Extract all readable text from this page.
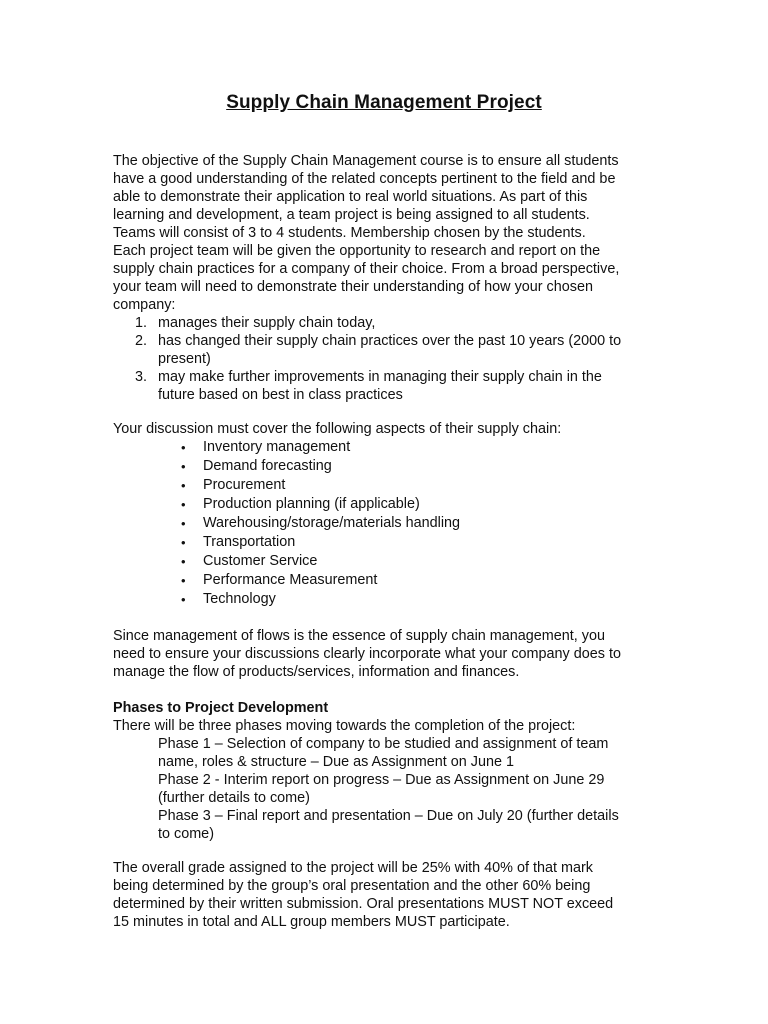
Supply Chain Management Project
The objective of the Supply Chain Management course is to ensure all students
have a good understanding of the related concepts pertinent to the field and be
able to demonstrate their application to real world situations. As part of this
learning and development, a team project is being assigned to all students.
Teams will consist of 3 to 4 students. Membership chosen by the students.
Each project team will be given the opportunity to research and report on the
supply chain practices for a company of their choice. From a broad perspective,
your team will need to demonstrate their understanding of how your chosen
company:
1. manages their supply chain today,
2. has changed their supply chain practices over the past 10 years (2000 to
present)
3. may make further improvements in managing their supply chain in the
future based on best in class practices
Your discussion must cover the following aspects of their supply chain:
• Inventory management
• Demand forecasting
• Procurement
• Production planning (if applicable)
• Warehousing/storage/materials handling
• Transportation
• Customer Service
• Performance Measurement
• Technology
Since management of flows is the essence of supply chain management, you
need to ensure your discussions clearly incorporate what your company does to
manage the flow of products/services, information and finances.
Phases to Project Development
There will be three phases moving towards the completion of the project:
Phase 1 – Selection of company to be studied and assignment of team
name, roles & structure – Due as Assignment on June 1
Phase 2 - Interim report on progress – Due as Assignment on June 29
(further details to come)
Phase 3 – Final report and presentation – Due on July 20 (further details
to come)
The overall grade assigned to the project will be 25% with 40% of that mark
being determined by the group’s oral presentation and the other 60% being
determined by their written submission. Oral presentations MUST NOT exceed
15 minutes in total and ALL group members MUST participate.
